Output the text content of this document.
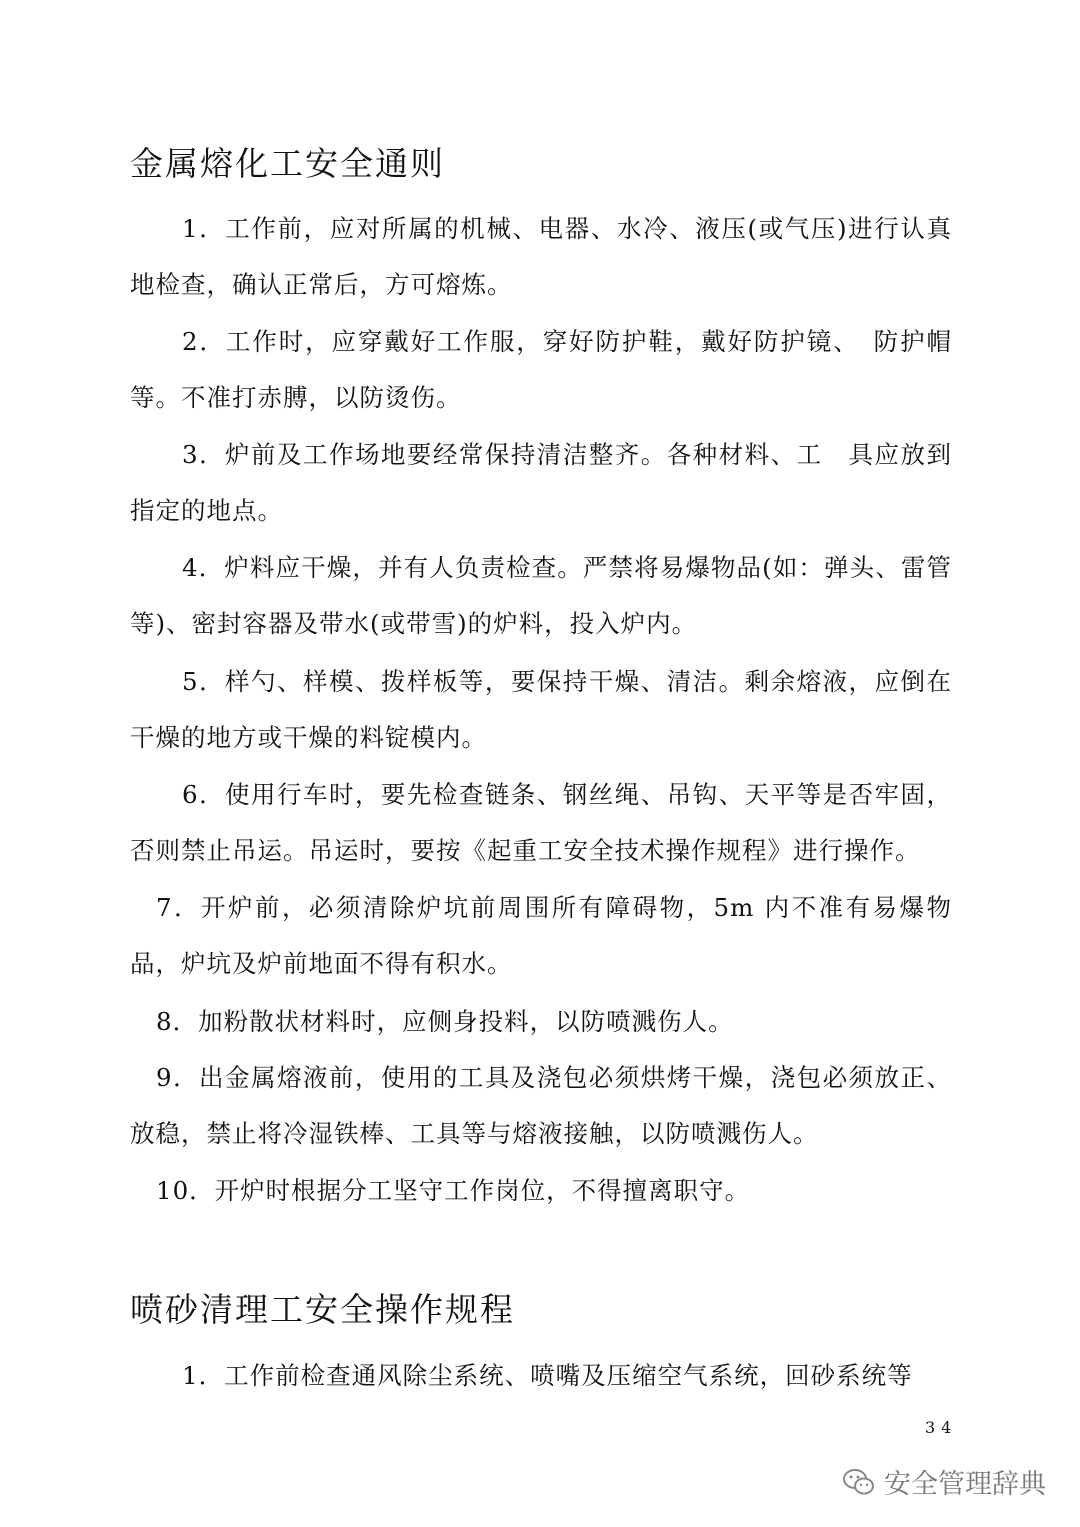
金属熔化工安全通则

1．工作前，应对所属的机械、电器、水冷、液压(或气压)进行认真地检查，确认正常后，方可熔炼。

2．工作时，应穿戴好工作服，穿好防护鞋，戴好防护镜、　防护帽等。不准打赤膊，以防烫伤。

3．炉前及工作场地要经常保持清洁整齐。各种材料、工　具应放到指定的地点。

4．炉料应干燥，并有人负责检查。严禁将易爆物品(如：弹头、雷管等)、密封容器及带水(或带雪)的炉料，投入炉内。

5．样勺、样模、拨样板等，要保持干燥、清洁。剩余熔液，应倒在干燥的地方或干燥的料锭模内。

6．使用行车时，要先检查链条、钢丝绳、吊钩、天平等是否牢固，否则禁止吊运。吊运时，要按《起重工安全技术操作规程》进行操作。

7．开炉前，必须清除炉坑前周围所有障碍物，5m 内不准有易爆物品，炉坑及炉前地面不得有积水。

8．加粉散状材料时，应侧身投料，以防喷溅伤人。

9．出金属熔液前，使用的工具及浇包必须烘烤干燥，浇包必须放正、放稳，禁止将冷湿铁棒、工具等与熔液接触，以防喷溅伤人。

10．开炉时根据分工坚守工作岗位，不得擅离职守。

喷砂清理工安全操作规程

1．工作前检查通风除尘系统、喷嘴及压缩空气系统，回砂系统等

34
安全管理辞典
